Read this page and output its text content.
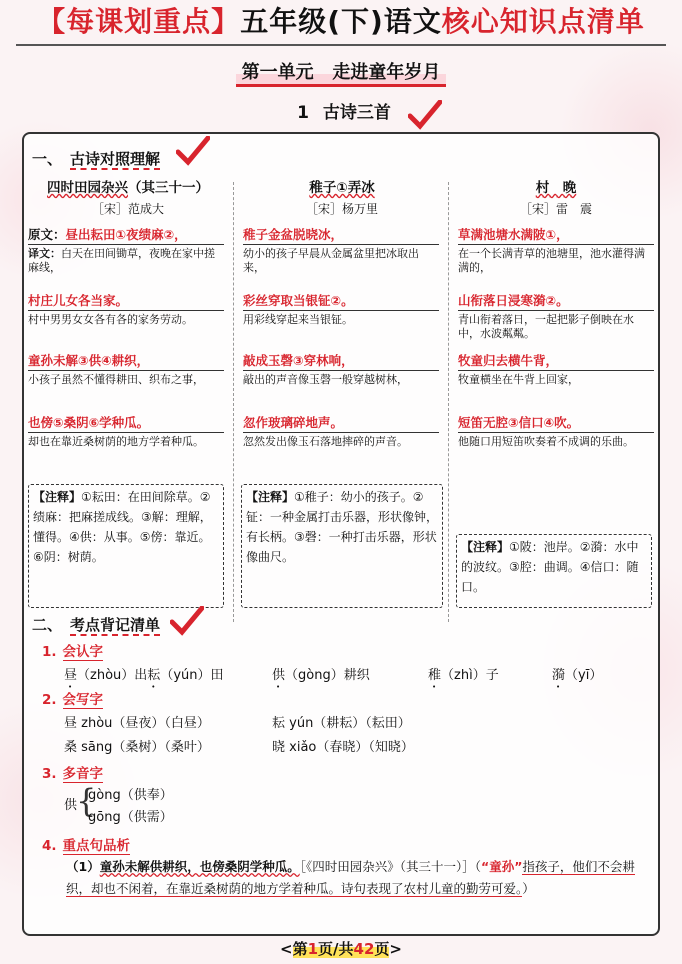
【每课划重点】五年级(下)语文核心知识点清单
第一单元 走进童年岁月
1 古诗三首
一、 古诗对照理解
四时田园杂兴（其三十一）
［宋］范成大
稚子①弄冰
［宋］杨万里
村　晚
［宋］雷　震
原文：昼出耘田①夜绩麻②，
译文：白天在田间锄草，夜晚在家中搓麻线，
村庄儿女各当家。
村中男男女女各有各的家务劳动。
童孙未解③供④耕织，
小孩子虽然不懂得耕田、织布之事，
也傍⑤桑阴⑥学种瓜。
却也在靠近桑树荫的地方学着种瓜。
稚子金盆脱晓冰，
幼小的孩子早晨从金属盆里把冰取出来，
彩丝穿取当银钲②。
用彩线穿起来当银钲。
敲成玉磬③穿林响，
敲出的声音像玉磬一般穿越树林，
忽作玻璃碎地声。
忽然发出像玉石落地摔碎的声音。
草满池塘水满陂①，
在一个长满青草的池塘里，池水灌得满满的，
山衔落日浸寒漪②。
青山衔着落日，一起把影子倒映在水中，水波粼粼。
牧童归去横牛背，
牧童横坐在牛背上回家，
短笛无腔③信口④吹。
他随口用短笛吹奏着不成调的乐曲。
【注释】①耘田：在田间除草。②绩麻：把麻搓成线。③解：理解，懂得。④供：从事。⑤傍：靠近。⑥阴：树荫。
【注释】①稚子：幼小的孩子。②钲：一种金属打击乐器，形状像钟，有长柄。③磬：一种打击乐器，形状像曲尺。
【注释】①陂：池岸。②漪：水中的波纹。③腔：曲调。④信口：随口。
二、 考点背记清单
1. 会认字
昼（zhòu）出耘（yún）田	供（gòng）耕织	稚（zhì）子	漪（yī）
2. 会写字
昼 zhòu（昼夜）（白昼）	耘 yún（耕耘）（耘田）
桑 sāng（桑树）（桑叶）	晓 xiǎo（春晓）（知晓）
3. 多音字
供
{
gòng（供奉）
gōng（供需）
4. 重点句品析
（1）童孙未解供耕织，也傍桑阴学种瓜。［《四时田园杂兴》（其三十一）］（“童孙”指孩子，他们不会耕织，却也不闲着，在靠近桑树荫的地方学着种瓜。诗句表现了农村儿童的勤劳可爱。）
<第1页/共42页>
